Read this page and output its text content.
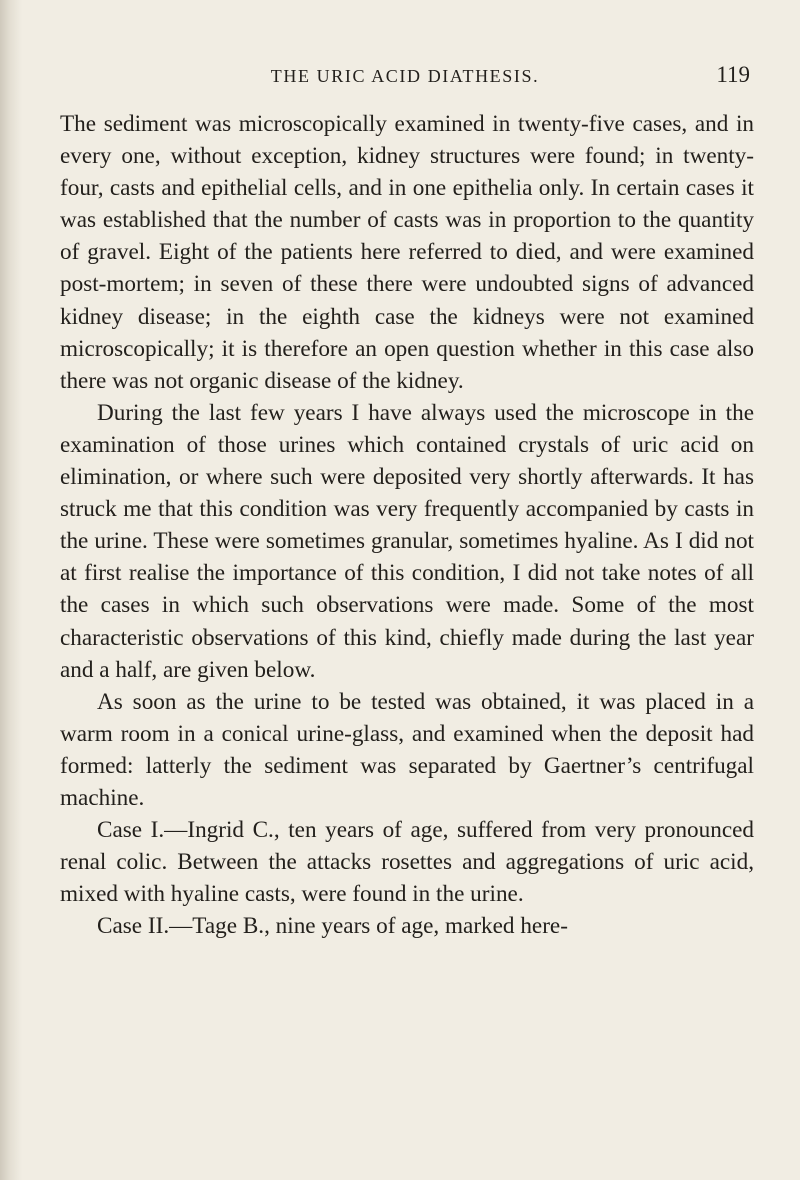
THE URIC ACID DIATHESIS.	119

The sediment was microscopically examined in twenty-five cases, and in every one, without exception, kidney structures were found; in twenty-four, casts and epithelial cells, and in one epithelia only. In certain cases it was established that the number of casts was in proportion to the quantity of gravel. Eight of the patients here referred to died, and were examined post-mortem; in seven of these there were undoubted signs of advanced kidney disease; in the eighth case the kidneys were not examined microscopically; it is therefore an open question whether in this case also there was not organic disease of the kidney.

During the last few years I have always used the microscope in the examination of those urines which contained crystals of uric acid on elimination, or where such were deposited very shortly afterwards. It has struck me that this condition was very frequently accompanied by casts in the urine. These were sometimes granular, sometimes hyaline. As I did not at first realise the importance of this condition, I did not take notes of all the cases in which such observations were made. Some of the most characteristic observations of this kind, chiefly made during the last year and a half, are given below.

As soon as the urine to be tested was obtained, it was placed in a warm room in a conical urine-glass, and examined when the deposit had formed: latterly the sediment was separated by Gaertner’s centrifugal machine.

Case I.—Ingrid C., ten years of age, suffered from very pronounced renal colic. Between the attacks rosettes and aggregations of uric acid, mixed with hyaline casts, were found in the urine.

Case II.—Tage B., nine years of age, marked here-
